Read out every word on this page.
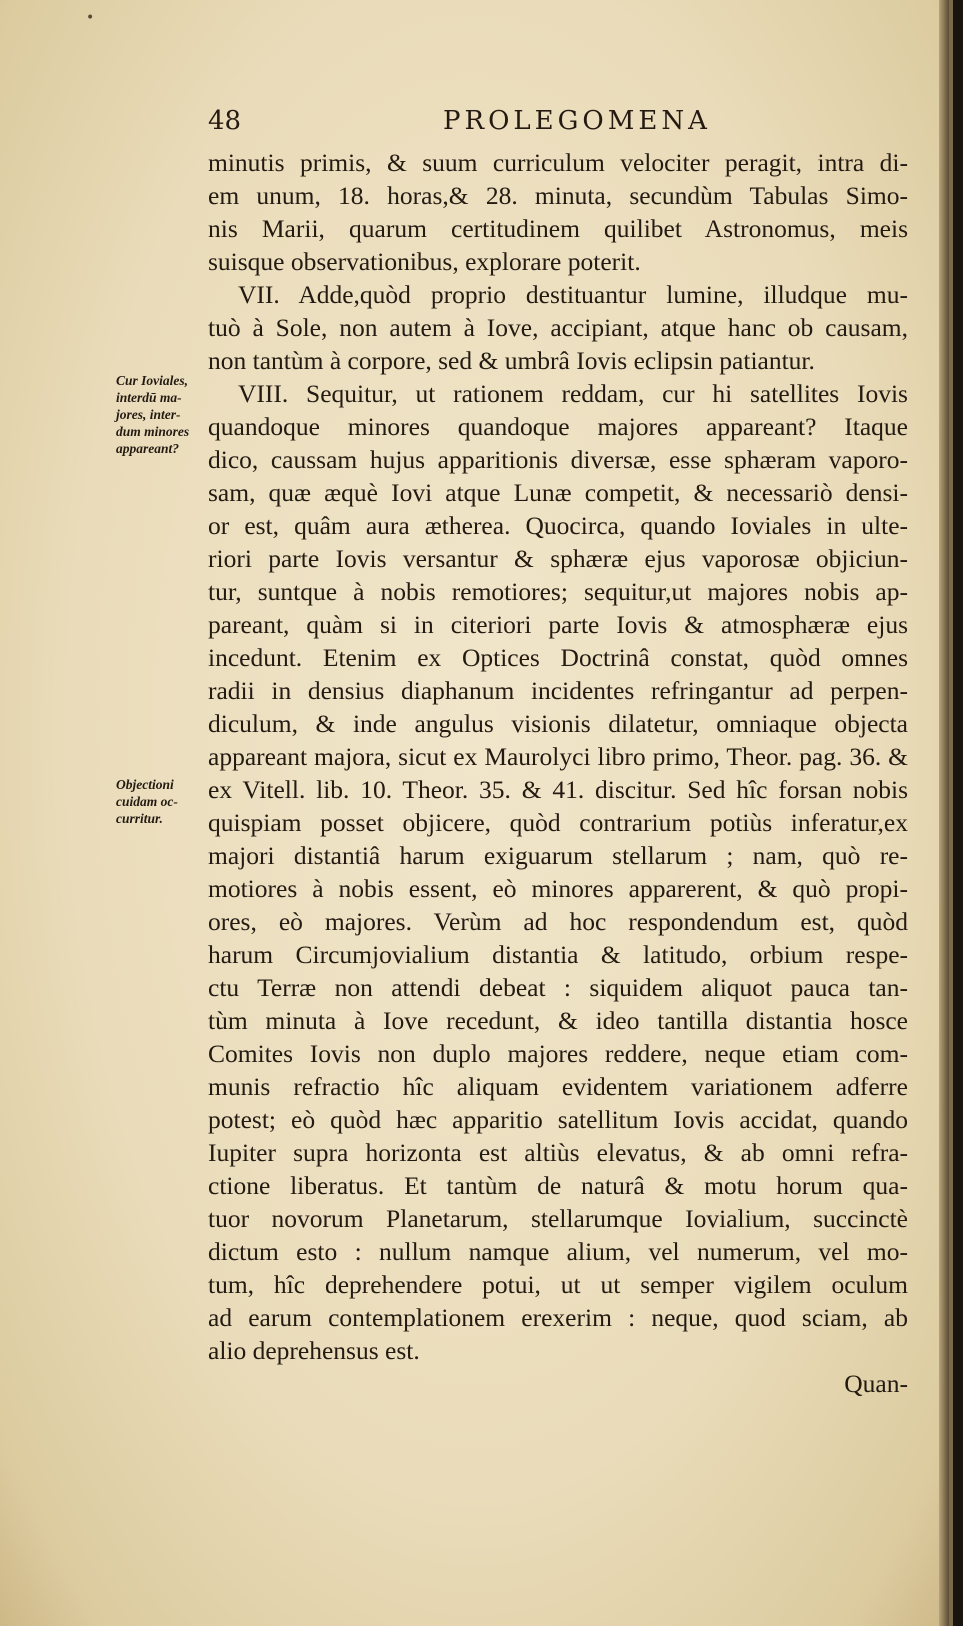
•
48	PROLEGOMENA
Cur Ioviales,
interdū ma-
jores, inter-
dum minores
appareant?
Objectioni
cuidam oc-
curritur.
minutis primis, & suum curriculum velociter peragit, intra di-
em unum, 18. horas,& 28. minuta, secundùm Tabulas Simo-
nis Marii, quarum certitudinem quilibet Astronomus, meis
suisque observationibus, explorare poterit.
VII. Adde,quòd proprio destituantur lumine, illudque mu-
tuò à Sole, non autem à Iove, accipiant, atque hanc ob causam,
non tantùm à corpore, sed & umbrâ Iovis eclipsin patiantur.
VIII. Sequitur, ut rationem reddam, cur hi satellites Iovis
quandoque minores quandoque majores appareant? Itaque
dico, caussam hujus apparitionis diversæ, esse sphæram vaporo-
sam, quæ æquè Iovi atque Lunæ competit, & necessariò densi-
or est, quâm aura ætherea. Quocirca, quando Ioviales in ulte-
riori parte Iovis versantur & sphæræ ejus vaporosæ objiciun-
tur, suntque à nobis remotiores; sequitur,ut majores nobis ap-
pareant, quàm si in citeriori parte Iovis & atmosphæræ ejus
incedunt. Etenim ex Optices Doctrinâ constat, quòd omnes
radii in densius diaphanum incidentes refringantur ad perpen-
diculum, & inde angulus visionis dilatetur, omniaque objecta
appareant majora, sicut ex Maurolyci libro primo, Theor. pag. 36. &
ex Vitell. lib. 10. Theor. 35. & 41. discitur. Sed hîc forsan nobis
quispiam posset objicere, quòd contrarium potiùs inferatur,ex
majori distantiâ harum exiguarum stellarum ; nam, quò re-
motiores à nobis essent, eò minores apparerent, & quò propi-
ores, eò majores. Verùm ad hoc respondendum est, quòd
harum Circumjovialium distantia & latitudo, orbium respe-
ctu Terræ non attendi debeat : siquidem aliquot pauca tan-
tùm minuta à Iove recedunt, & ideo tantilla distantia hosce
Comites Iovis non duplo majores reddere, neque etiam com-
munis refractio hîc aliquam evidentem variationem adferre
potest; eò quòd hæc apparitio satellitum Iovis accidat, quando
Iupiter supra horizonta est altiùs elevatus, & ab omni refra-
ctione liberatus. Et tantùm de naturâ & motu horum qua-
tuor novorum Planetarum, stellarumque Iovialium, succinctè
dictum esto : nullum namque alium, vel numerum, vel mo-
tum, hîc deprehendere potui, ut ut semper vigilem oculum
ad earum contemplationem erexerim : neque, quod sciam, ab
alio deprehensus est.
Quan-
